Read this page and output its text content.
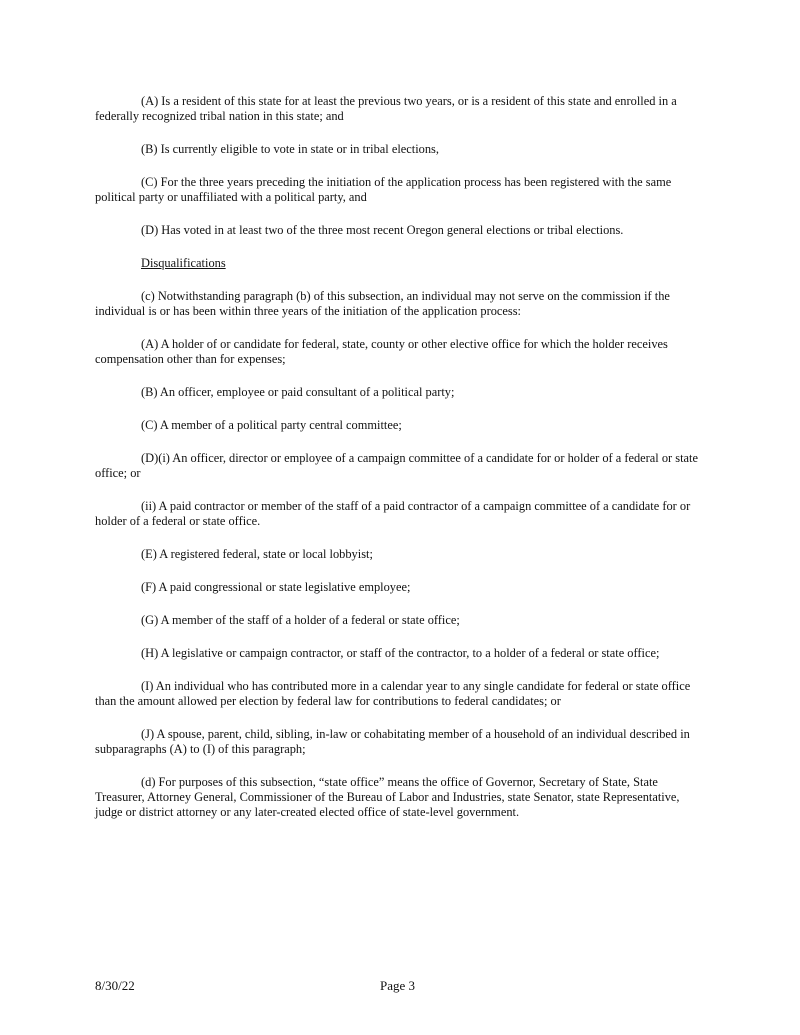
(A) Is a resident of this state for at least the previous two years, or is a resident of this state and enrolled in a federally recognized tribal nation in this state; and

(B) Is currently eligible to vote in state or in tribal elections,

(C) For the three years preceding the initiation of the application process has been registered with the same political party or unaffiliated with a political party, and

(D) Has voted in at least two of the three most recent Oregon general elections or tribal elections.

Disqualifications

(c) Notwithstanding paragraph (b) of this subsection, an individual may not serve on the commission if the individual is or has been within three years of the initiation of the application process:

(A) A holder of or candidate for federal, state, county or other elective office for which the holder receives compensation other than for expenses;

(B) An officer, employee or paid consultant of a political party;

(C) A member of a political party central committee;

(D)(i) An officer, director or employee of a campaign committee of a candidate for or holder of a federal or state office; or

(ii) A paid contractor or member of the staff of a paid contractor of a campaign committee of a candidate for or holder of a federal or state office.

(E) A registered federal, state or local lobbyist;

(F) A paid congressional or state legislative employee;

(G) A member of the staff of a holder of a federal or state office;

(H) A legislative or campaign contractor, or staff of the contractor, to a holder of a federal or state office;

(I) An individual who has contributed more in a calendar year to any single candidate for federal or state office than the amount allowed per election by federal law for contributions to federal candidates; or

(J) A spouse, parent, child, sibling, in-law or cohabitating member of a household of an individual described in subparagraphs (A) to (I) of this paragraph;

(d) For purposes of this subsection, “state office” means the office of Governor, Secretary of State, State Treasurer, Attorney General, Commissioner of the Bureau of Labor and Industries, state Senator, state Representative, judge or district attorney or any later-created elected office of state-level government.

8/30/22	Page 3
